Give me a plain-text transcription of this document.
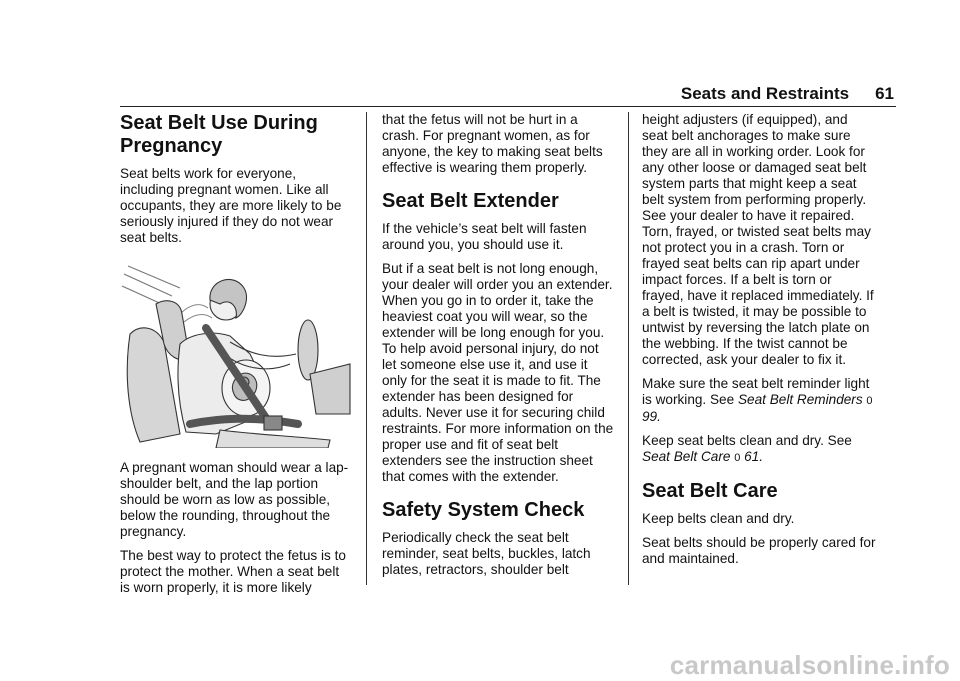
Seats and Restraints 61
Seat Belt Use During Pregnancy

Seat belts work for everyone, including pregnant women. Like all occupants, they are more likely to be seriously injured if they do not wear seat belts.

A pregnant woman should wear a lap-shoulder belt, and the lap portion should be worn as low as possible, below the rounding, throughout the pregnancy.

The best way to protect the fetus is to protect the mother. When a seat belt is worn properly, it is more likely

that the fetus will not be hurt in a crash. For pregnant women, as for anyone, the key to making seat belts effective is wearing them properly.

Seat Belt Extender

If the vehicle’s seat belt will fasten around you, you should use it.

But if a seat belt is not long enough, your dealer will order you an extender. When you go in to order it, take the heaviest coat you will wear, so the extender will be long enough for you. To help avoid personal injury, do not let someone else use it, and use it only for the seat it is made to fit. The extender has been designed for adults. Never use it for securing child restraints. For more information on the proper use and fit of seat belt extenders see the instruction sheet that comes with the extender.

Safety System Check

Periodically check the seat belt reminder, seat belts, buckles, latch plates, retractors, shoulder belt

height adjusters (if equipped), and seat belt anchorages to make sure they are all in working order. Look for any other loose or damaged seat belt system parts that might keep a seat belt system from performing properly. See your dealer to have it repaired. Torn, frayed, or twisted seat belts may not protect you in a crash. Torn or frayed seat belts can rip apart under impact forces. If a belt is torn or frayed, have it replaced immediately. If a belt is twisted, it may be possible to untwist by reversing the latch plate on the webbing. If the twist cannot be corrected, ask your dealer to fix it.

Make sure the seat belt reminder light is working. See Seat Belt Reminders 0 99.

Keep seat belts clean and dry. See Seat Belt Care 0 61.

Seat Belt Care

Keep belts clean and dry.

Seat belts should be properly cared for and maintained.

carmanualsonline.info
